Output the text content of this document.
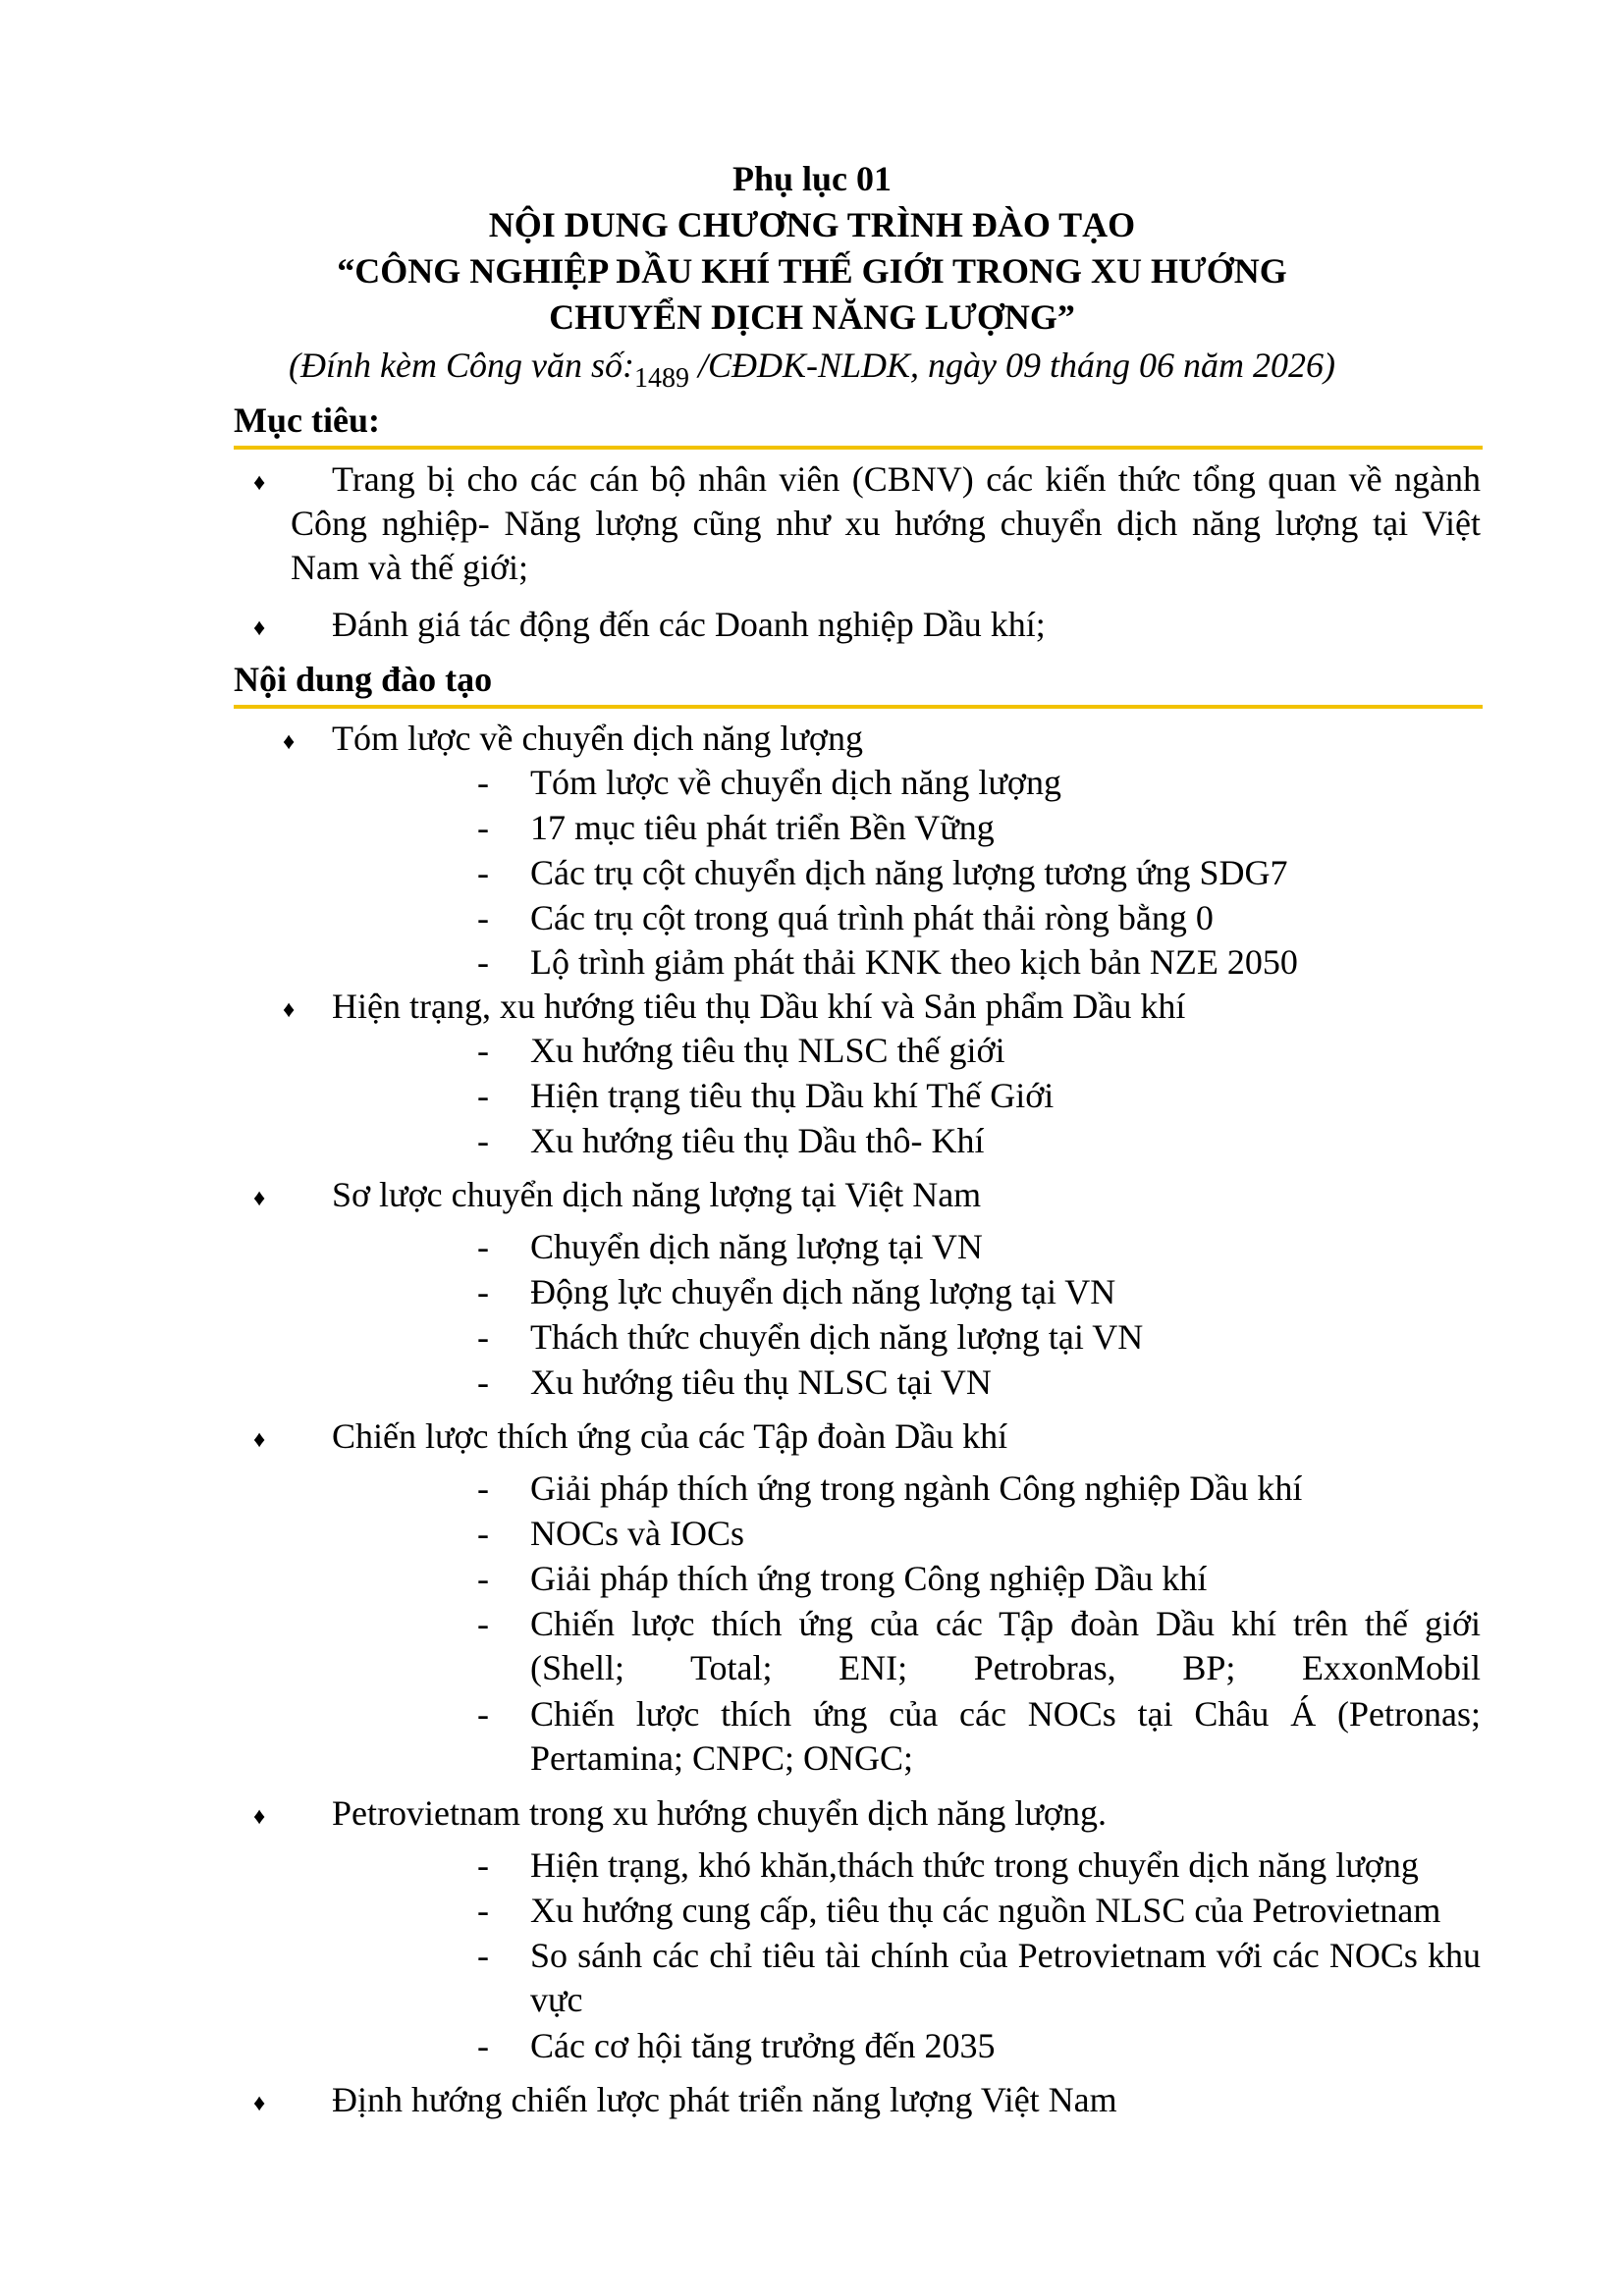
Phụ lục 01
NỘI DUNG CHƯƠNG TRÌNH ĐÀO TẠO
“CÔNG NGHIỆP DẦU KHÍ THẾ GIỚI TRONG XU HƯỚNG
CHUYỂN DỊCH NĂNG LƯỢNG”
(Đính kèm Công văn $số:_{1489}$ /CĐDK-NLDK, ngày 09 tháng 06 năm 2026)
Mục tiêu:
♦	Trang bị cho các cán bộ nhân viên (CBNV) các kiến thức tổng quan về ngành Công nghiệp- Năng lượng cũng như xu hướng chuyển dịch năng lượng tại Việt Nam và thế giới;
♦ Đánh giá tác động đến các Doanh nghiệp Dầu khí;
Nội dung đào tạo
♦ Tóm lược về chuyển dịch năng lượng
- Tóm lược về chuyển dịch năng lượng
- 17 mục tiêu phát triển Bền Vững
- Các trụ cột chuyển dịch năng lượng tương ứng SDG7
- Các trụ cột trong quá trình phát thải ròng bằng 0
- Lộ trình giảm phát thải KNK theo kịch bản NZE 2050
♦ Hiện trạng, xu hướng tiêu thụ Dầu khí và Sản phẩm Dầu khí
- Xu hướng tiêu thụ NLSC thế giới
- Hiện trạng tiêu thụ Dầu khí Thế Giới
- Xu hướng tiêu thụ Dầu thô- Khí
♦ Sơ lược chuyển dịch năng lượng tại Việt Nam
- Chuyển dịch năng lượng tại VN
- Động lực chuyển dịch năng lượng tại VN
- Thách thức chuyển dịch năng lượng tại VN
- Xu hướng tiêu thụ NLSC tại VN
♦ Chiến lược thích ứng của các Tập đoàn Dầu khí
- Giải pháp thích ứng trong ngành Công nghiệp Dầu khí
- NOCs và IOCs
- Giải pháp thích ứng trong Công nghiệp Dầu khí
- Chiến lược thích ứng của các Tập đoàn Dầu khí trên thế giới (Shell; Total; ENI; Petrobras, BP; ExxonMobil
- Chiến lược thích ứng của các NOCs tại Châu Á (Petronas; Pertamina; CNPC; ONGC;
♦ Petrovietnam trong xu hướng chuyển dịch năng lượng.
- Hiện trạng, khó khăn,thách thức trong chuyển dịch năng lượng
- Xu hướng cung cấp, tiêu thụ các nguồn NLSC của Petrovietnam
- So sánh các chỉ tiêu tài chính của Petrovietnam với các NOCs khu vực
- Các cơ hội tăng trưởng đến 2035
♦ Định hướng chiến lược phát triển năng lượng Việt Nam
